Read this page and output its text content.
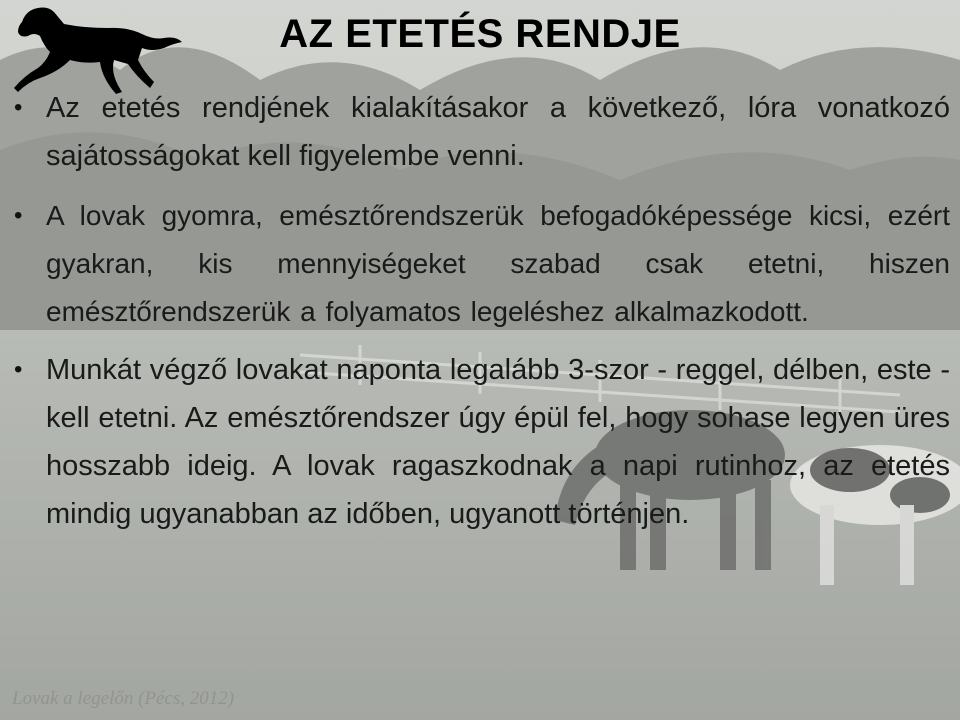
AZ ETETÉS RENDJE
• Az etetés rendjének kialakításakor a következő, lóra vonatkozó sajátosságokat kell figyelembe venni.
• A lovak gyomra, emésztőrendszerük befogadóképessége kicsi, ezért gyakran, kis mennyiségeket szabad csak etetni, hiszen emésztőrendszerük a folyamatos legeléshez alkalmazkodott.
• Munkát végző lovakat naponta legalább 3-szor - reggel, délben, este - kell etetni. Az emésztőrendszer úgy épül fel, hogy sohase legyen üres hosszabb ideig. A lovak ragaszkodnak a napi rutinhoz, az etetés mindig ugyanabban az időben, ugyanott történjen.
Lovak a legelőn (Pécs, 2012)
